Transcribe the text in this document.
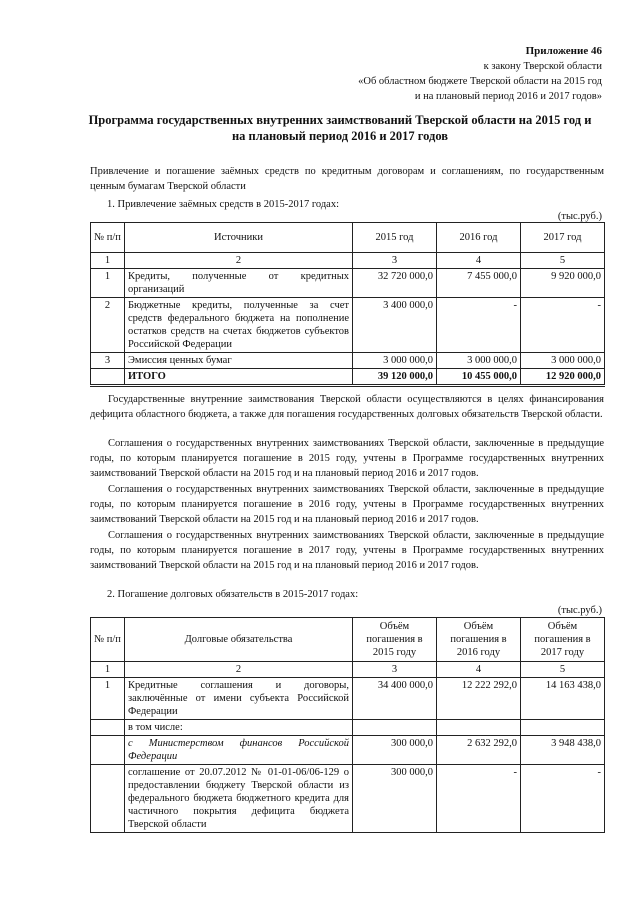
Приложение 46
к закону Тверской области
«Об областном бюджете Тверской области на 2015 год
и на плановый период 2016 и 2017 годов»
Программа государственных внутренних заимствований Тверской области на 2015 год и
на плановый период 2016 и 2017 годов
Привлечение и погашение заёмных средств по кредитным договорам и соглашениям, по государственным ценным бумагам Тверской области
1. Привлечение заёмных средств в 2015-2017 годах:
(тыс.руб.)
№ п/п	Источники	2015 год	2016 год	2017 год
1	2	3	4	5
1	Кредиты, полученные от кредитных организаций	32 720 000,0	7 455 000,0	9 920 000,0
2	Бюджетные кредиты, полученные за счет средств федерального бюджета на пополнение остатков средств на счетах бюджетов субъектов Российской Федерации	3 400 000,0	-	-
3	Эмиссия ценных бумаг	3 000 000,0	3 000 000,0	3 000 000,0
	ИТОГО	39 120 000,0	10 455 000,0	12 920 000,0
Государственные внутренние заимствования Тверской области осуществляются в целях финансирования дефицита областного бюджета, а также для погашения государственных долговых обязательств Тверской области.
Соглашения о государственных внутренних заимствованиях Тверской области, заключенные в предыдущие годы, по которым планируется погашение в 2015 году, учтены в Программе государственных внутренних заимствований Тверской области на 2015 год и на плановый период 2016 и 2017 годов.
Соглашения о государственных внутренних заимствованиях Тверской области, заключенные в предыдущие годы, по которым планируется погашение в 2016 году, учтены в Программе государственных внутренних заимствований Тверской области на 2015 год и на плановый период 2016 и 2017 годов.
Соглашения о государственных внутренних заимствованиях Тверской области, заключенные в предыдущие годы, по которым планируется погашение в 2017 году, учтены в Программе государственных внутренних заимствований Тверской области на 2015 год и на плановый период 2016 и 2017 годов.
2. Погашение долговых обязательств в 2015-2017 годах:
(тыс.руб.)
№ п/п	Долговые обязательства	Объём погашения в 2015 году	Объём погашения в 2016 году	Объём погашения в 2017 году
1	2	3	4	5
1	Кредитные соглашения и договоры, заключённые от имени субъекта Российской Федерации	34 400 000,0	12 222 292,0	14 163 438,0
	в том числе:			
	с Министерством финансов Российской Федерации	300 000,0	2 632 292,0	3 948 438,0
	соглашение от 20.07.2012 № 01-01-06/06-129 о предоставлении бюджету Тверской области из федерального бюджета бюджетного кредита для частичного покрытия дефицита бюджета Тверской области	300 000,0	-	-
